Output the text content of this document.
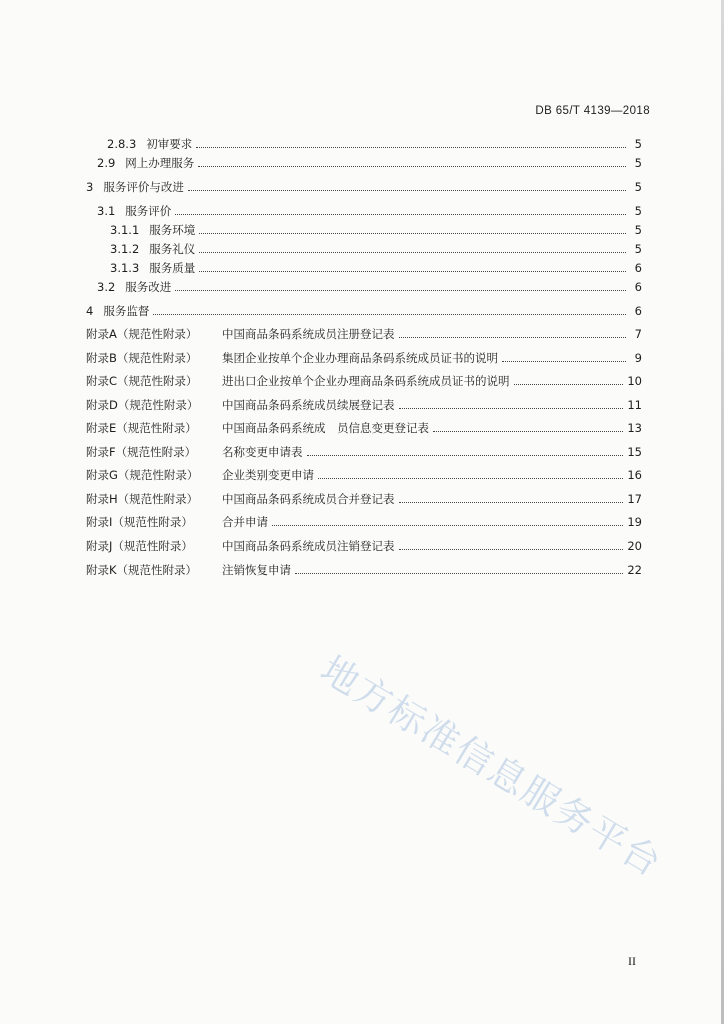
DB 65/T 4139—2018
2.8.3 初审要求	5
2.9 网上办理服务	5
3 服务评价与改进	5
3.1 服务评价	5
3.1.1 服务环境	5
3.1.2 服务礼仪	5
3.1.3 服务质量	6
3.2 服务改进	6
4 服务监督	6
附录A（规范性附录）	中国商品条码系统成员注册登记表	7
附录B（规范性附录）	集团企业按单个企业办理商品条码系统成员证书的说明	9
附录C（规范性附录）	进出口企业按单个企业办理商品条码系统成员证书的说明	10
附录D（规范性附录）	中国商品条码系统成员续展登记表	11
附录E（规范性附录）	中国商品条码系统成　员信息变更登记表	13
附录F（规范性附录）	名称变更申请表	15
附录G（规范性附录）	企业类别变更申请	16
附录H（规范性附录）	中国商品条码系统成员合并登记表	17
附录I（规范性附录）	合并申请	19
附录J（规范性附录）	中国商品条码系统成员注销登记表	20
附录K（规范性附录）	注销恢复申请	22
地方标准信息服务平台
II
